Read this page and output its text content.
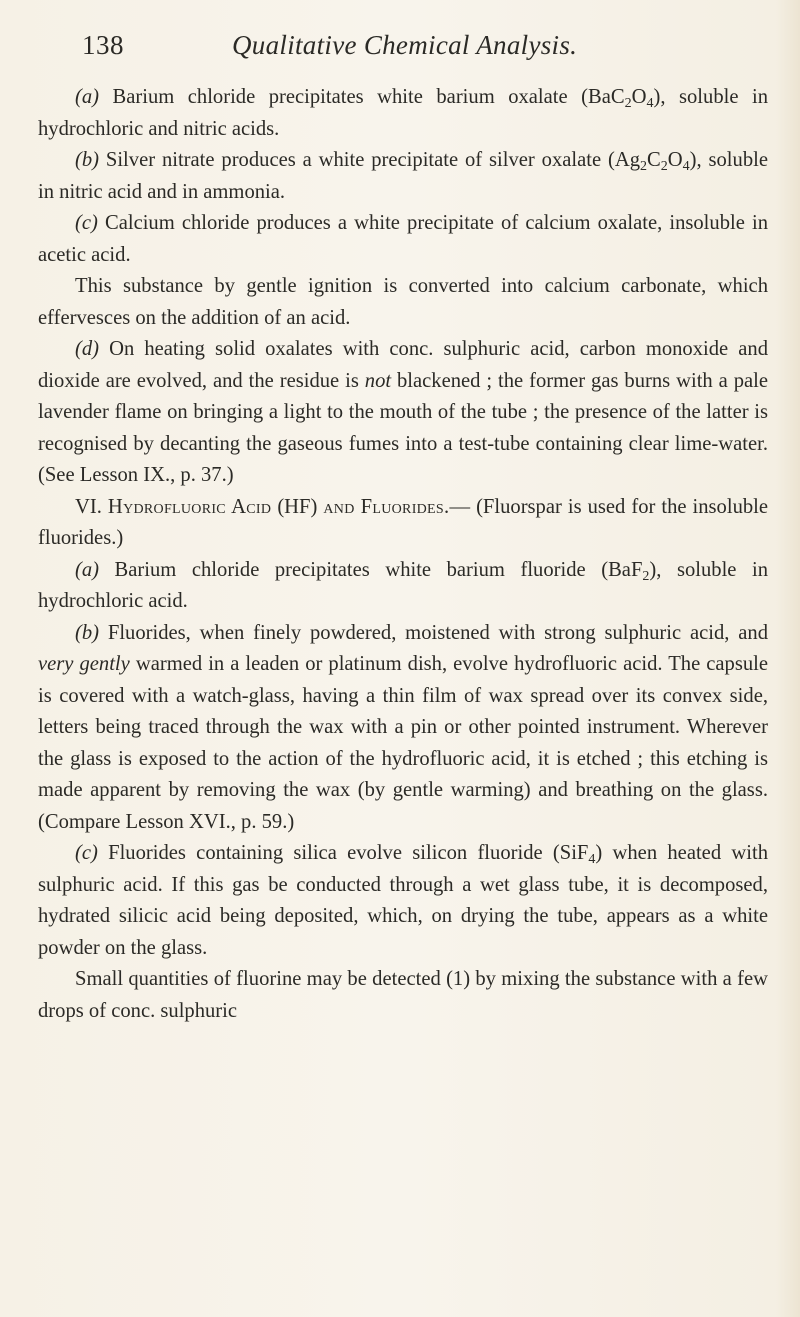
138	Qualitative Chemical Analysis.

(a) Barium chloride precipitates white barium oxalate $(BaC_2O_4)$, soluble in hydrochloric and nitric acids.

(b) Silver nitrate produces a white precipitate of silver oxalate $(Ag_2C_2O_4)$, soluble in nitric acid and in ammonia.

(c) Calcium chloride produces a white precipitate of calcium oxalate, insoluble in acetic acid.

This substance by gentle ignition is converted into calcium carbonate, which effervesces on the addition of an acid.

(d) On heating solid oxalates with conc. sulphuric acid, carbon monoxide and dioxide are evolved, and the residue is not blackened ; the former gas burns with a pale lavender flame on bringing a light to the mouth of the tube ; the presence of the latter is recognised by decanting the gaseous fumes into a test-tube containing clear lime-water. (See Lesson IX., p. 37.)

VI. Hydrofluoric Acid (HF) and Fluorides.— (Fluorspar is used for the insoluble fluorides.)

(a) Barium chloride precipitates white barium fluoride (BaF$_2$), soluble in hydrochloric acid.

(b) Fluorides, when finely powdered, moistened with strong sulphuric acid, and very gently warmed in a leaden or platinum dish, evolve hydrofluoric acid. The capsule is covered with a watch-glass, having a thin film of wax spread over its convex side, letters being traced through the wax with a pin or other pointed instrument. Wherever the glass is exposed to the action of the hydrofluoric acid, it is etched ; this etching is made apparent by removing the wax (by gentle warming) and breathing on the glass. (Compare Lesson XVI., p. 59.)

(c) Fluorides containing silica evolve silicon fluoride (SiF$_4$) when heated with sulphuric acid. If this gas be conducted through a wet glass tube, it is decomposed, hydrated silicic acid being deposited, which, on drying the tube, appears as a white powder on the glass.

Small quantities of fluorine may be detected (1) by mixing the substance with a few drops of conc. sulphuric
